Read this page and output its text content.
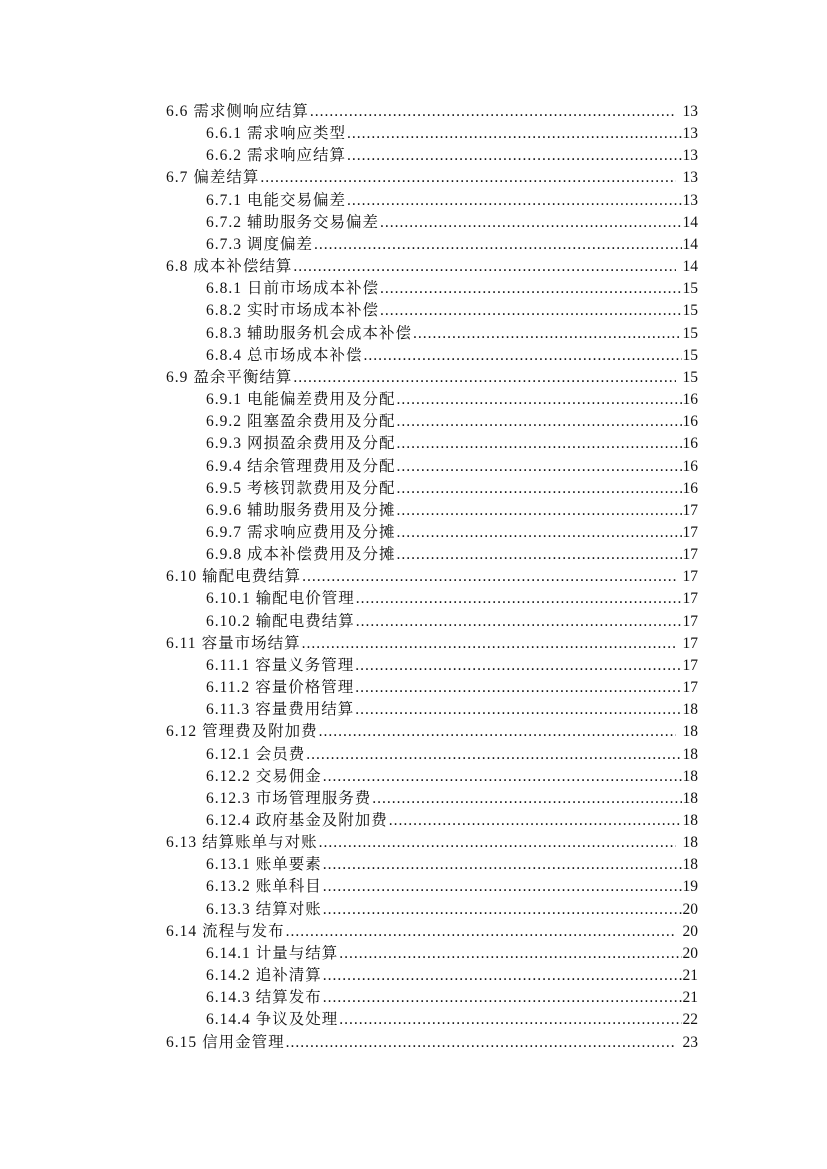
6.6 需求侧响应结算 .....	13
6.6.1 需求响应类型 .....	13
6.6.2 需求响应结算 .....	13
6.7 偏差结算 .....	13
6.7.1 电能交易偏差 .....	13
6.7.2 辅助服务交易偏差 .....	14
6.7.3 调度偏差 .....	14
6.8 成本补偿结算 .....	14
6.8.1 日前市场成本补偿 .....	15
6.8.2 实时市场成本补偿 .....	15
6.8.3 辅助服务机会成本补偿 .....	15
6.8.4 总市场成本补偿 .....	15
6.9 盈余平衡结算 .....	15
6.9.1 电能偏差费用及分配 .....	16
6.9.2 阻塞盈余费用及分配 .....	16
6.9.3 网损盈余费用及分配 .....	16
6.9.4 结余管理费用及分配 .....	16
6.9.5 考核罚款费用及分配 .....	16
6.9.6 辅助服务费用及分摊 .....	17
6.9.7 需求响应费用及分摊 .....	17
6.9.8 成本补偿费用及分摊 .....	17
6.10 输配电费结算 .....	17
6.10.1 输配电价管理 .....	17
6.10.2 输配电费结算 .....	17
6.11 容量市场结算 .....	17
6.11.1 容量义务管理 .....	17
6.11.2 容量价格管理 .....	17
6.11.3 容量费用结算 .....	18
6.12 管理费及附加费 .....	18
6.12.1 会员费 .....	18
6.12.2 交易佣金 .....	18
6.12.3 市场管理服务费 .....	18
6.12.4 政府基金及附加费 .....	18
6.13 结算账单与对账 .....	18
6.13.1 账单要素 .....	18
6.13.2 账单科目 .....	19
6.13.3 结算对账 .....	20
6.14 流程与发布 .....	20
6.14.1 计量与结算 .....	20
6.14.2 追补清算 .....	21
6.14.3 结算发布 .....	21
6.14.4 争议及处理 .....	22
6.15 信用金管理 .....	23
